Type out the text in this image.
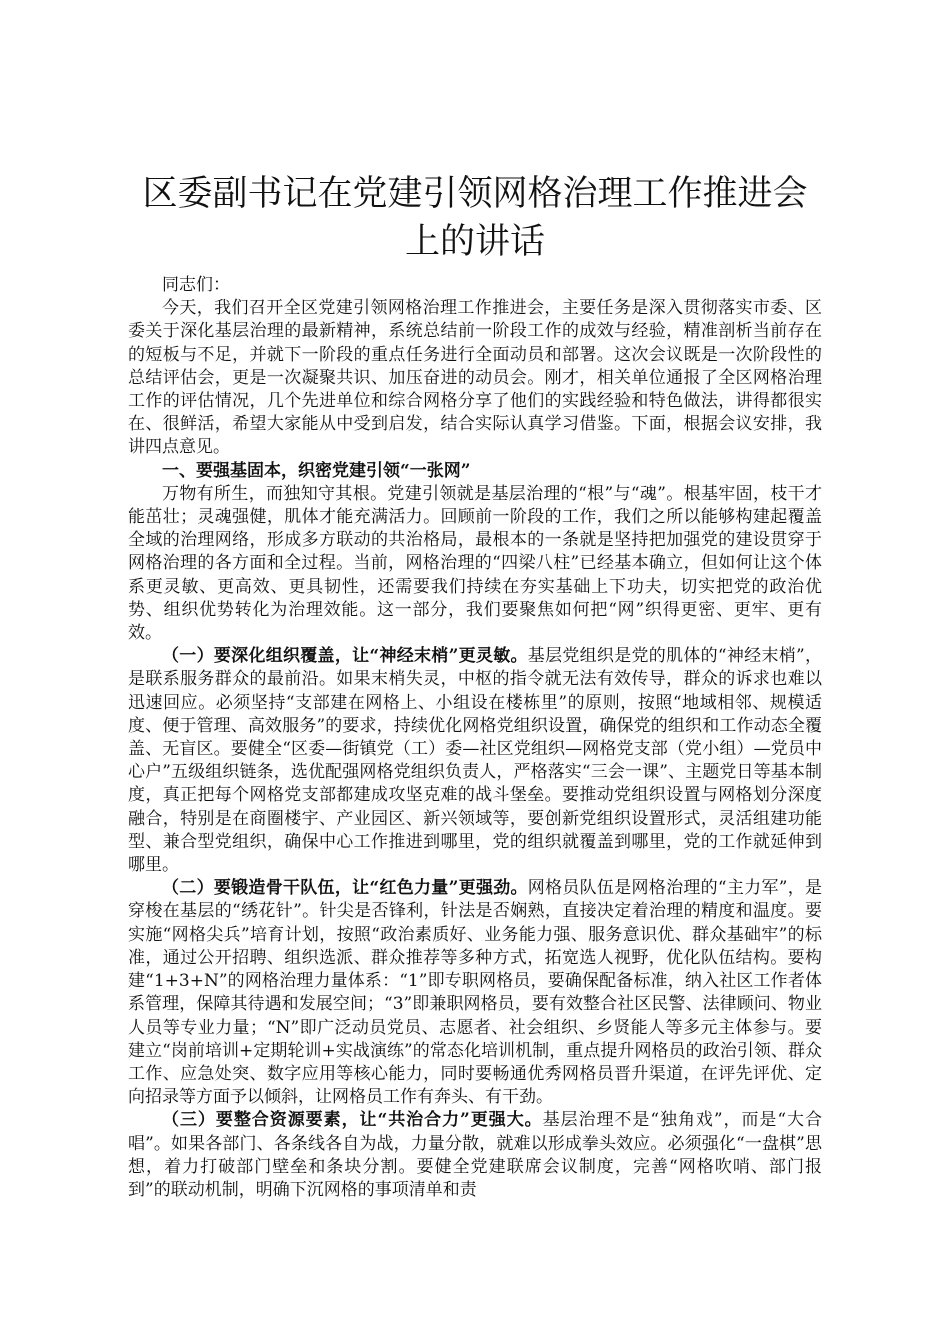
区委副书记在党建引领网格治理工作推进会上的讲话

同志们：

今天，我们召开全区党建引领网格治理工作推进会，主要任务是深入贯彻落实市委、区委关于深化基层治理的最新精神，系统总结前一阶段工作的成效与经验，精准剖析当前存在的短板与不足，并就下一阶段的重点任务进行全面动员和部署。这次会议既是一次阶段性的总结评估会，更是一次凝聚共识、加压奋进的动员会。刚才，相关单位通报了全区网格治理工作的评估情况，几个先进单位和综合网格分享了他们的实践经验和特色做法，讲得都很实在、很鲜活，希望大家能从中受到启发，结合实际认真学习借鉴。下面，根据会议安排，我讲四点意见。

一、要强基固本，织密党建引领“一张网”

万物有所生，而独知守其根。党建引领就是基层治理的“根”与“魂”。根基牢固，枝干才能茁壮；灵魂强健，肌体才能充满活力。回顾前一阶段的工作，我们之所以能够构建起覆盖全域的治理网络，形成多方联动的共治格局，最根本的一条就是坚持把加强党的建设贯穿于网格治理的各方面和全过程。当前，网格治理的“四梁八柱”已经基本确立，但如何让这个体系更灵敏、更高效、更具韧性，还需要我们持续在夯实基础上下功夫，切实把党的政治优势、组织优势转化为治理效能。这一部分，我们要聚焦如何把“网”织得更密、更牢、更有效。

（一）要深化组织覆盖，让“神经末梢”更灵敏。基层党组织是党的肌体的“神经末梢”，是联系服务群众的最前沿。如果末梢失灵，中枢的指令就无法有效传导，群众的诉求也难以迅速回应。必须坚持“支部建在网格上、小组设在楼栋里”的原则，按照“地域相邻、规模适度、便于管理、高效服务”的要求，持续优化网格党组织设置，确保党的组织和工作动态全覆盖、无盲区。要健全“区委—街镇党（工）委—社区党组织—网格党支部（党小组）—党员中心户”五级组织链条，选优配强网格党组织负责人，严格落实“三会一课”、主题党日等基本制度，真正把每个网格党支部都建成攻坚克难的战斗堡垒。要推动党组织设置与网格划分深度融合，特别是在商圈楼宇、产业园区、新兴领域等，要创新党组织设置形式，灵活组建功能型、兼合型党组织，确保中心工作推进到哪里，党的组织就覆盖到哪里，党的工作就延伸到哪里。

（二）要锻造骨干队伍，让“红色力量”更强劲。网格员队伍是网格治理的“主力军”，是穿梭在基层的“绣花针”。针尖是否锋利，针法是否娴熟，直接决定着治理的精度和温度。要实施“网格尖兵”培育计划，按照“政治素质好、业务能力强、服务意识优、群众基础牢”的标准，通过公开招聘、组织选派、群众推荐等多种方式，拓宽选人视野，优化队伍结构。要构建“1+3+N”的网格治理力量体系：“1”即专职网格员，要确保配备标准，纳入社区工作者体系管理，保障其待遇和发展空间；“3”即兼职网格员，要有效整合社区民警、法律顾问、物业人员等专业力量；“N”即广泛动员党员、志愿者、社会组织、乡贤能人等多元主体参与。要建立“岗前培训+定期轮训+实战演练”的常态化培训机制，重点提升网格员的政治引领、群众工作、应急处突、数字应用等核心能力，同时要畅通优秀网格员晋升渠道，在评先评优、定向招录等方面予以倾斜，让网格员工作有奔头、有干劲。

（三）要整合资源要素，让“共治合力”更强大。基层治理不是“独角戏”，而是“大合唱”。如果各部门、各条线各自为战，力量分散，就难以形成拳头效应。必须强化“一盘棋”思想，着力打破部门壁垒和条块分割。要健全党建联席会议制度，完善“网格吹哨、部门报到”的联动机制，明确下沉网格的事项清单和责
